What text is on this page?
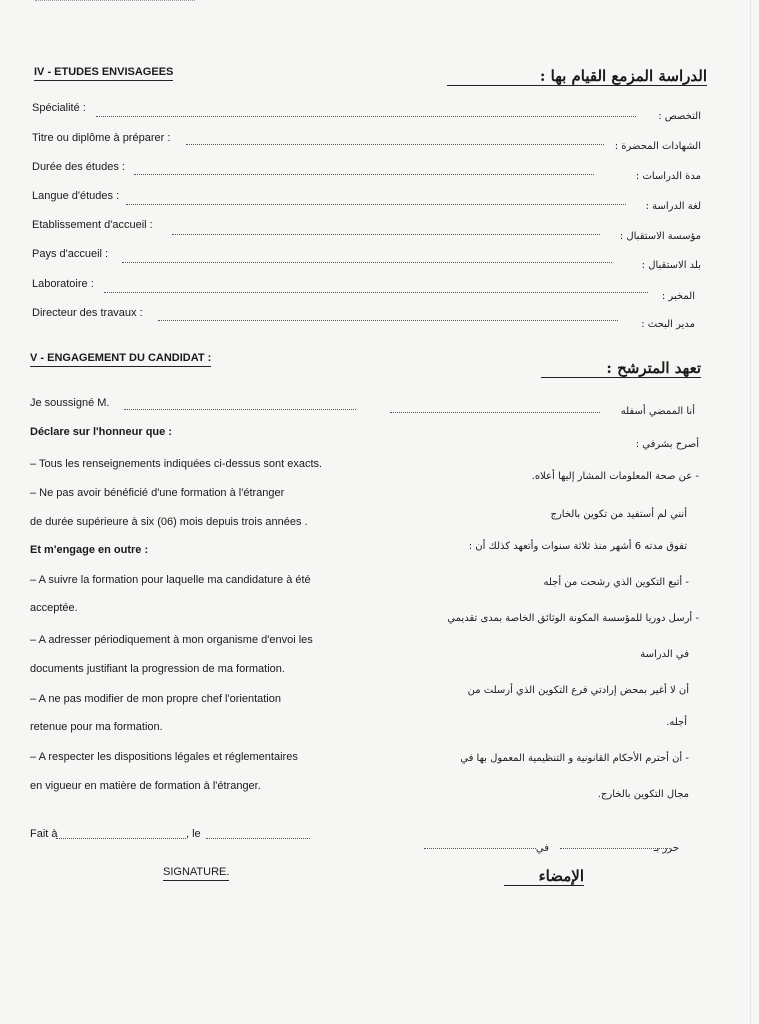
IV - ETUDES ENVISAGEES	الدراسة المزمع القيام بها :
Spécialité :
التخصص :
Titre ou diplôme à préparer :
الشهادات المحضرة :
Durée des études :
مدة الدراسات :
Langue d'études :
لغة الدراسة :
Etablissement d'accueil :
مؤسسة الاستقبال :
Pays d'accueil :
بلد الاستقبال :
Laboratoire :
المخبر :
Directeur des travaux :
مدير البحث :
V - ENGAGEMENT DU CANDIDAT :
تعهد المترشح :
Je soussigné M.
Déclare sur l'honneur que :
– Tous les renseignements indiquées ci-dessus sont exacts.
– Ne pas avoir bénéficié d'une formation à l'étranger
de durée supérieure à six (06) mois depuis trois années .
Et m'engage en outre :
– A suivre la formation pour laquelle ma candidature à été
acceptée.
– A adresser périodiquement à mon organisme d'envoi les
documents justifiant la progression de ma formation.
– A ne pas modifier de mon propre chef l'orientation
retenue pour ma formation.
– A respecter les dispositions légales et réglementaires
en vigueur en matière de formation à l'étranger.
أنا الممضي أسفله
أصرح بشرفي :
- عن صحة المعلومات المشار إليها أعلاه.
أنني لم أستفيد من تكوين بالخارج
تفوق مدته 6 أشهر منذ ثلاثة سنوات وأتعهد كذلك أن :
- أتبع التكوين الذي رشحت من أجله
- أرسل دوريا للمؤسسة المكونة الوثائق الخاصة بمدى تقديمي
في الدراسة
أن لا أغير بمحض إرادتي فرع التكوين الذي أرسلت من
أجله.
- أن أحترم الأحكام القانونية و التنظيمية المعمول بها في
مجال التكوين بالخارج.
Fait à	, le
حرر بـ
في
SIGNATURE.	الإمضاء
